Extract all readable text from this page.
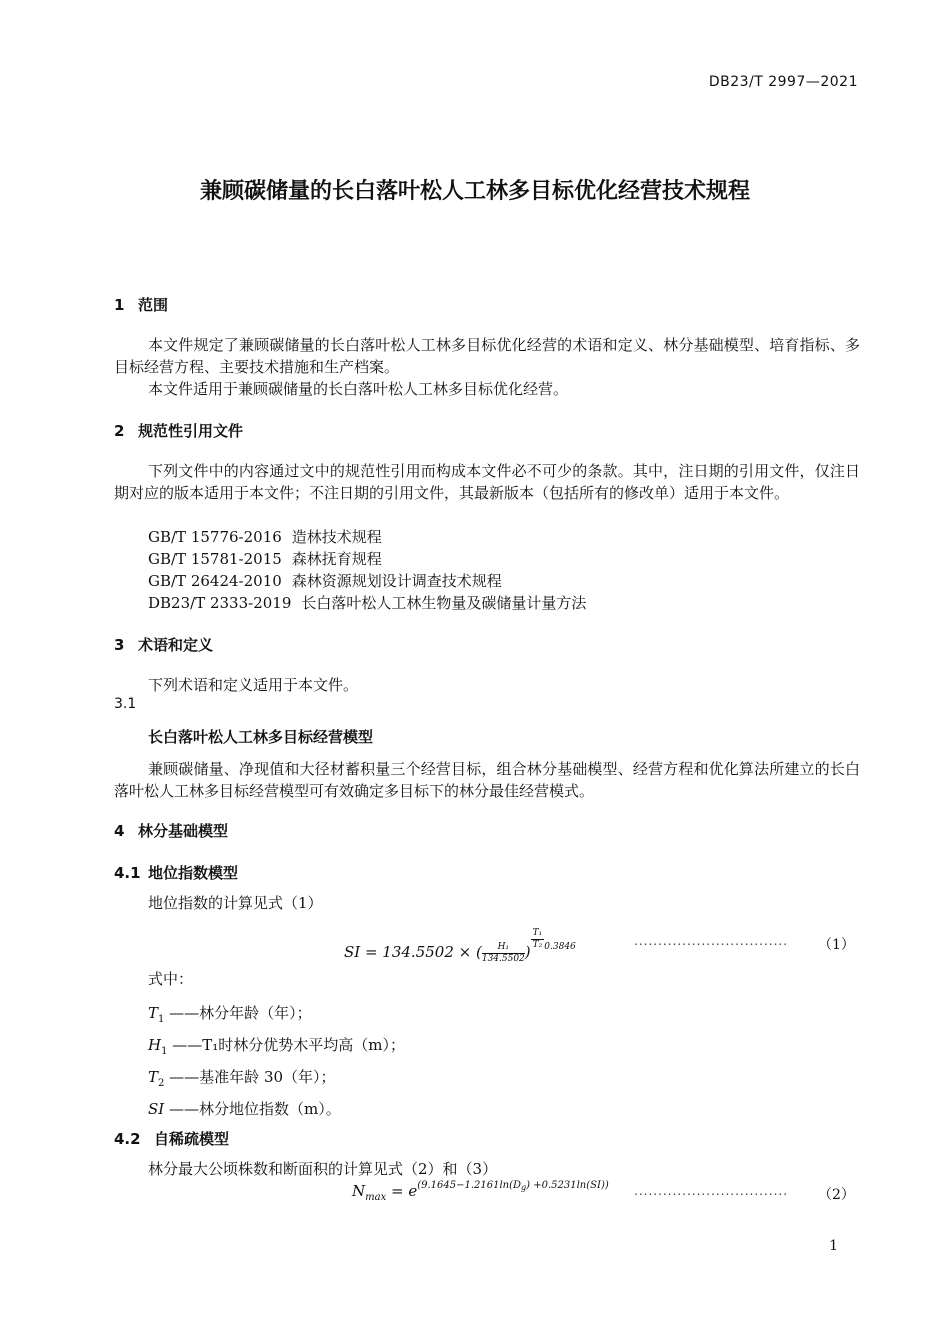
DB23/T 2997—2021
兼顾碳储量的长白落叶松人工林多目标优化经营技术规程
1 范围
本文件规定了兼顾碳储量的长白落叶松人工林多目标优化经营的术语和定义、林分基础模型、培育指标、多目标经营方程、主要技术措施和生产档案。
本文件适用于兼顾碳储量的长白落叶松人工林多目标优化经营。
2 规范性引用文件
下列文件中的内容通过文中的规范性引用而构成本文件必不可少的条款。其中，注日期的引用文件，仅注日期对应的版本适用于本文件；不注日期的引用文件，其最新版本（包括所有的修改单）适用于本文件。
GB/T 15776-2016 造林技术规程
GB/T 15781-2015 森林抚育规程
GB/T 26424-2010 森林资源规划设计调查技术规程
DB23/T 2333-2019 长白落叶松人工林生物量及碳储量计量方法
3 术语和定义
下列术语和定义适用于本文件。
3.1
长白落叶松人工林多目标经营模型
兼顾碳储量、净现值和大径材蓄积量三个经营目标，组合林分基础模型、经营方程和优化算法所建立的长白落叶松人工林多目标经营模型可有效确定多目标下的林分最佳经营模式。
4 林分基础模型
4.1 地位指数模型
地位指数的计算见式（1）
SI = 134.5502 × ( $\frac{\text{H₁}}{134.5502}$)
$\frac{\text{T₁}}{\text{T₂}}^{0.3846}$	................................ （1）
式中：
$T_1$ ——林分年龄（年）；
$H_1$ ——T₁时林分优势木平均高（m）；
$T_2$ ——基准年龄 30（年）；
SI ——林分地位指数（m）。
4.2 自稀疏模型
林分最大公顷株数和断面积的计算见式（2）和（3）
$N_{max} = e^{(9.1645-1.2161ln(D_g) +0.5231ln(SI))}$ ................................ （2）
1
